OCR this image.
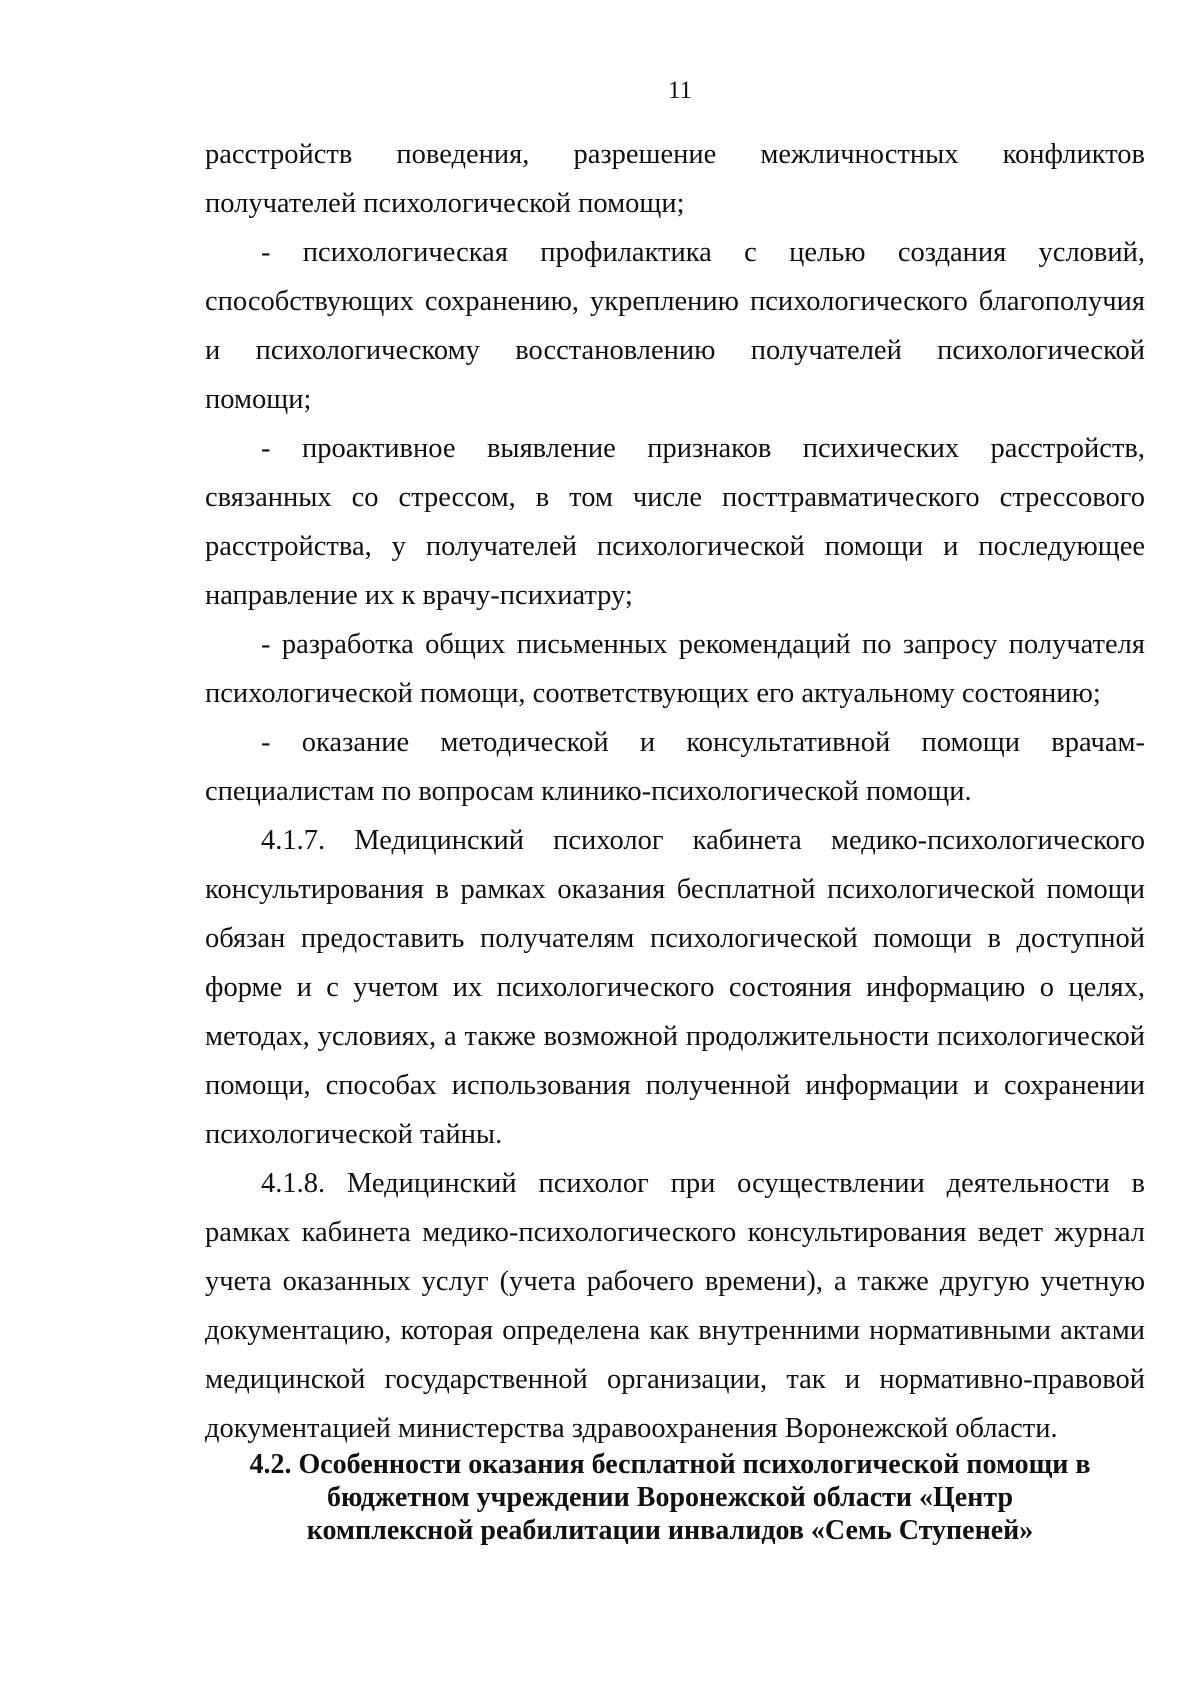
11

расстройств поведения, разрешение межличностных конфликтов получателей психологической помощи;

- психологическая профилактика с целью создания условий, способствующих сохранению, укреплению психологического благополучия и психологическому восстановлению получателей психологической помощи;

- проактивное выявление признаков психических расстройств, связанных со стрессом, в том числе посттравматического стрессового расстройства, у получателей психологической помощи и последующее направление их к врачу-психиатру;

- разработка общих письменных рекомендаций по запросу получателя психологической помощи, соответствующих его актуальному состоянию;

- оказание методической и консультативной помощи врачам-специалистам по вопросам клинико-психологической помощи.

4.1.7. Медицинский психолог кабинета медико-психологического консультирования в рамках оказания бесплатной психологической помощи обязан предоставить получателям психологической помощи в доступной форме и с учетом их психологического состояния информацию о целях, методах, условиях, а также возможной продолжительности психологической помощи, способах использования полученной информации и сохранении психологической тайны.

4.1.8. Медицинский психолог при осуществлении деятельности в рамках кабинета медико-психологического консультирования ведет журнал учета оказанных услуг (учета рабочего времени), а также другую учетную документацию, которая определена как внутренними нормативными актами медицинской государственной организации, так и нормативно-правовой документацией министерства здравоохранения Воронежской области.

4.2. Особенности оказания бесплатной психологической помощи в
бюджетном учреждении Воронежской области «Центр
комплексной реабилитации инвалидов «Семь Ступеней»
